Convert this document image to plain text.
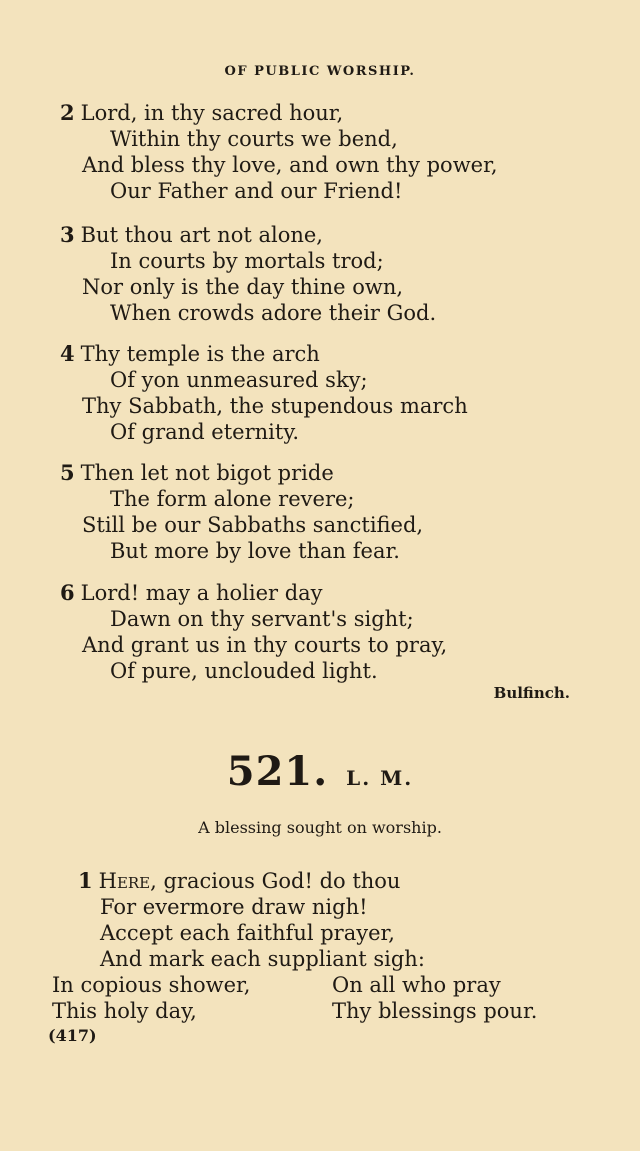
OF PUBLIC WORSHIP.
2 Lord, in thy sacred hour,
Within thy courts we bend,
And bless thy love, and own thy power,
Our Father and our Friend!
3 But thou art not alone,
In courts by mortals trod;
Nor only is the day thine own,
When crowds adore their God.
4 Thy temple is the arch
Of yon unmeasured sky;
Thy Sabbath, the stupendous march
Of grand eternity.
5 Then let not bigot pride
The form alone revere;
Still be our Sabbaths sanctified,
But more by love than fear.
6 Lord! may a holier day
Dawn on thy servant's sight;
And grant us in thy courts to pray,
Of pure, unclouded light.
Bulfinch.
521. L. M.
A blessing sought on worship.
1 Here, gracious God! do thou
For evermore draw nigh!
Accept each faithful prayer,
And mark each suppliant sigh:
In copious shower,	On all who pray
This holy day,	Thy blessings pour.
(417)
